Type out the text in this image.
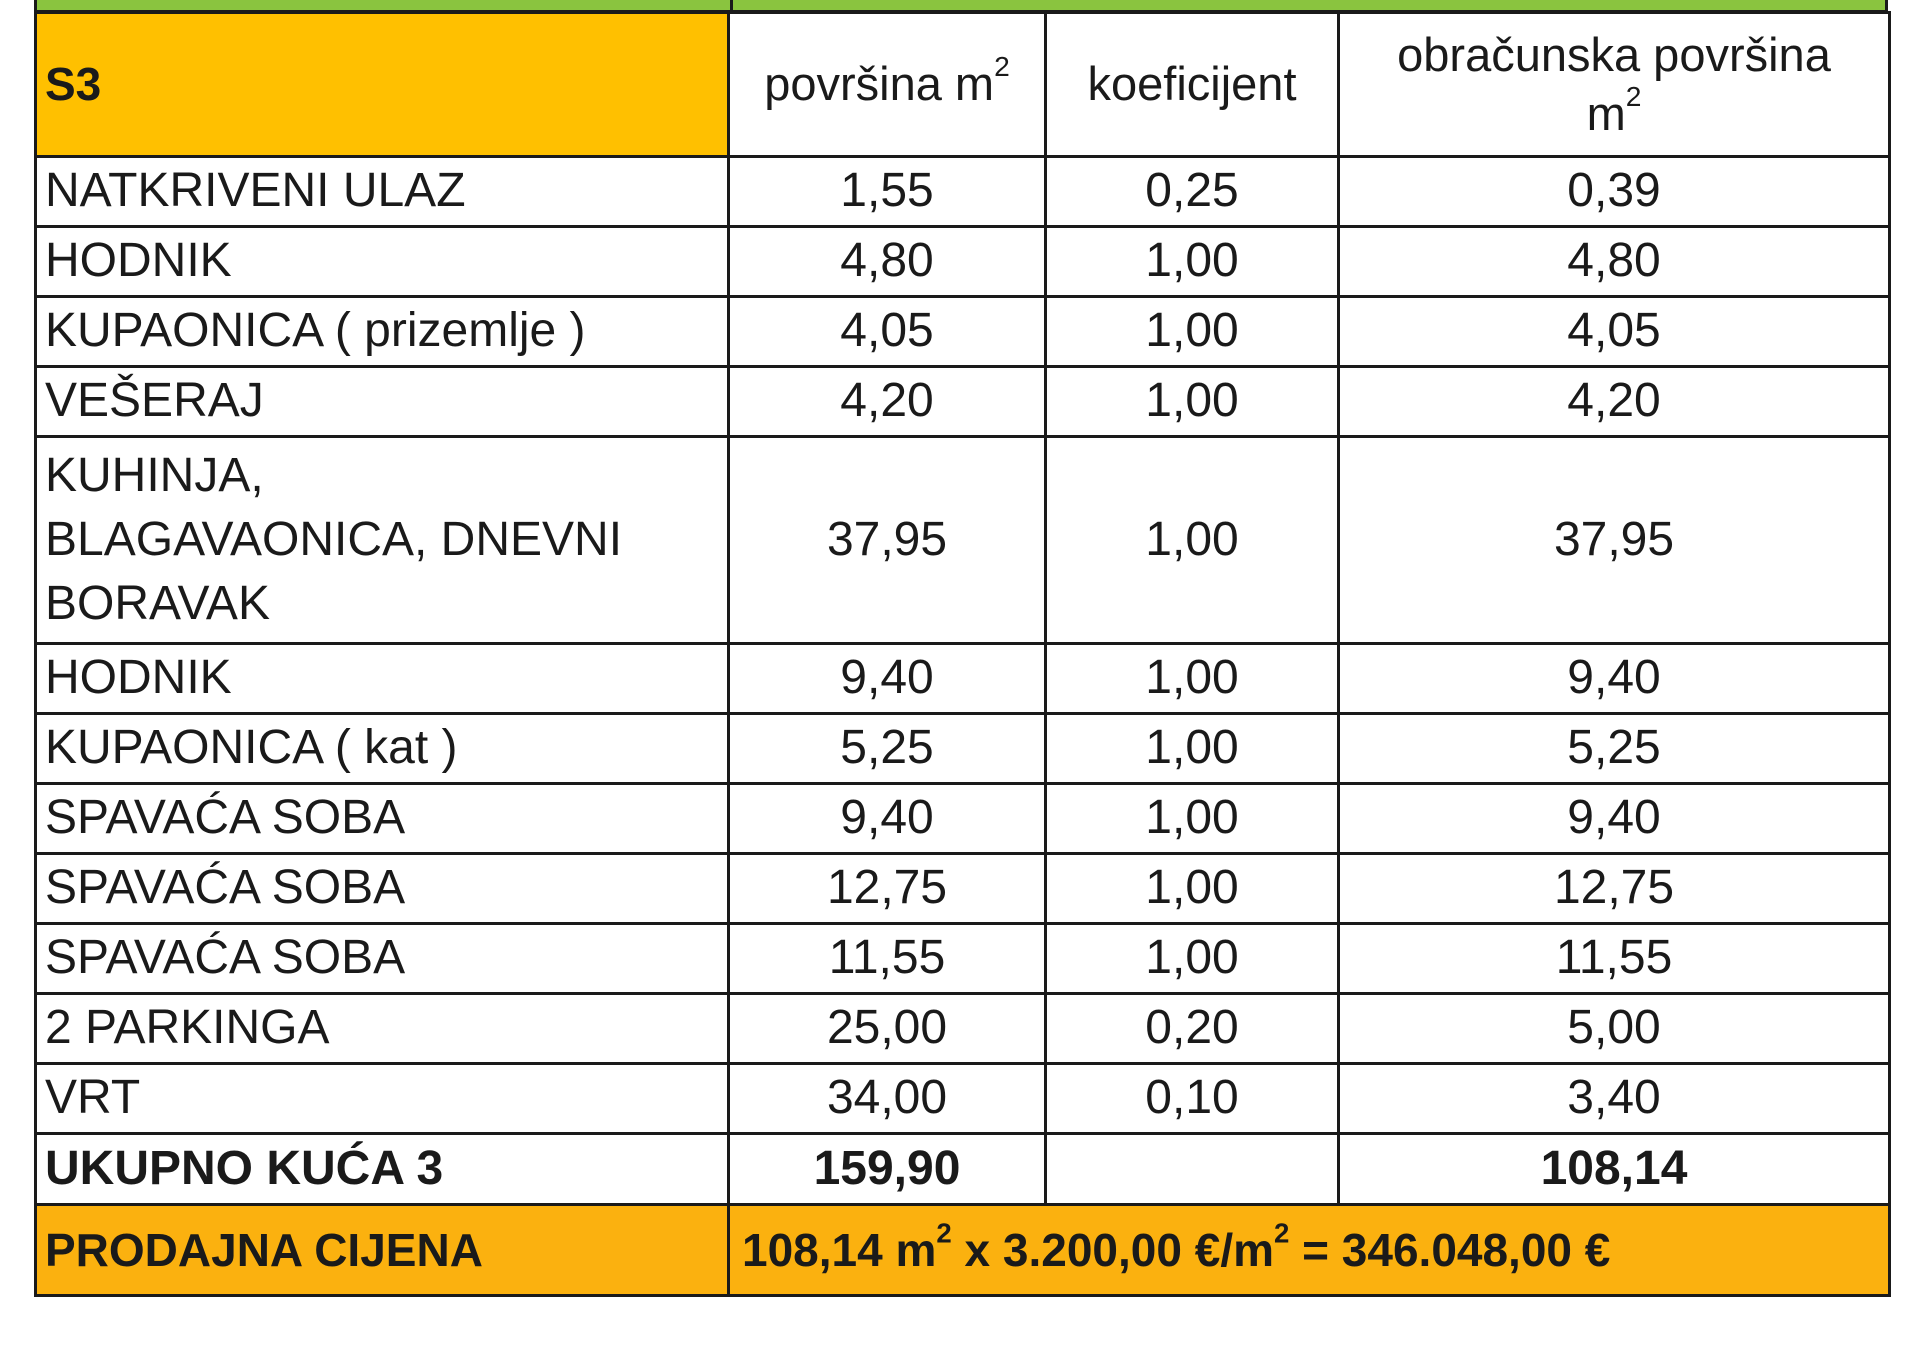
S3	površina $m^2$	koeficijent	obračunska površina
$m^2$
NATKRIVENI ULAZ	1,55	0,25	0,39
HODNIK	4,80	1,00	4,80
KUPAONICA ( prizemlje )	4,05	1,00	4,05
VEŠERAJ	4,20	1,00	4,20
KUHINJA,
BLAGAVAONICA, DNEVNI
BORAVAK	37,95	1,00	37,95
HODNIK	9,40	1,00	9,40
KUPAONICA ( kat )	5,25	1,00	5,25
SPAVAĆA SOBA	9,40	1,00	9,40
SPAVAĆA SOBA	12,75	1,00	12,75
SPAVAĆA SOBA	11,55	1,00	11,55
2 PARKINGA	25,00	0,20	5,00
VRT	34,00	0,10	3,40
UKUPNO KUĆA 3	159,90		108,14
PRODAJNA CIJENA	108,14 $m^2$ x 3.200,00 $€/m^2 = 346.048,00$ €		
